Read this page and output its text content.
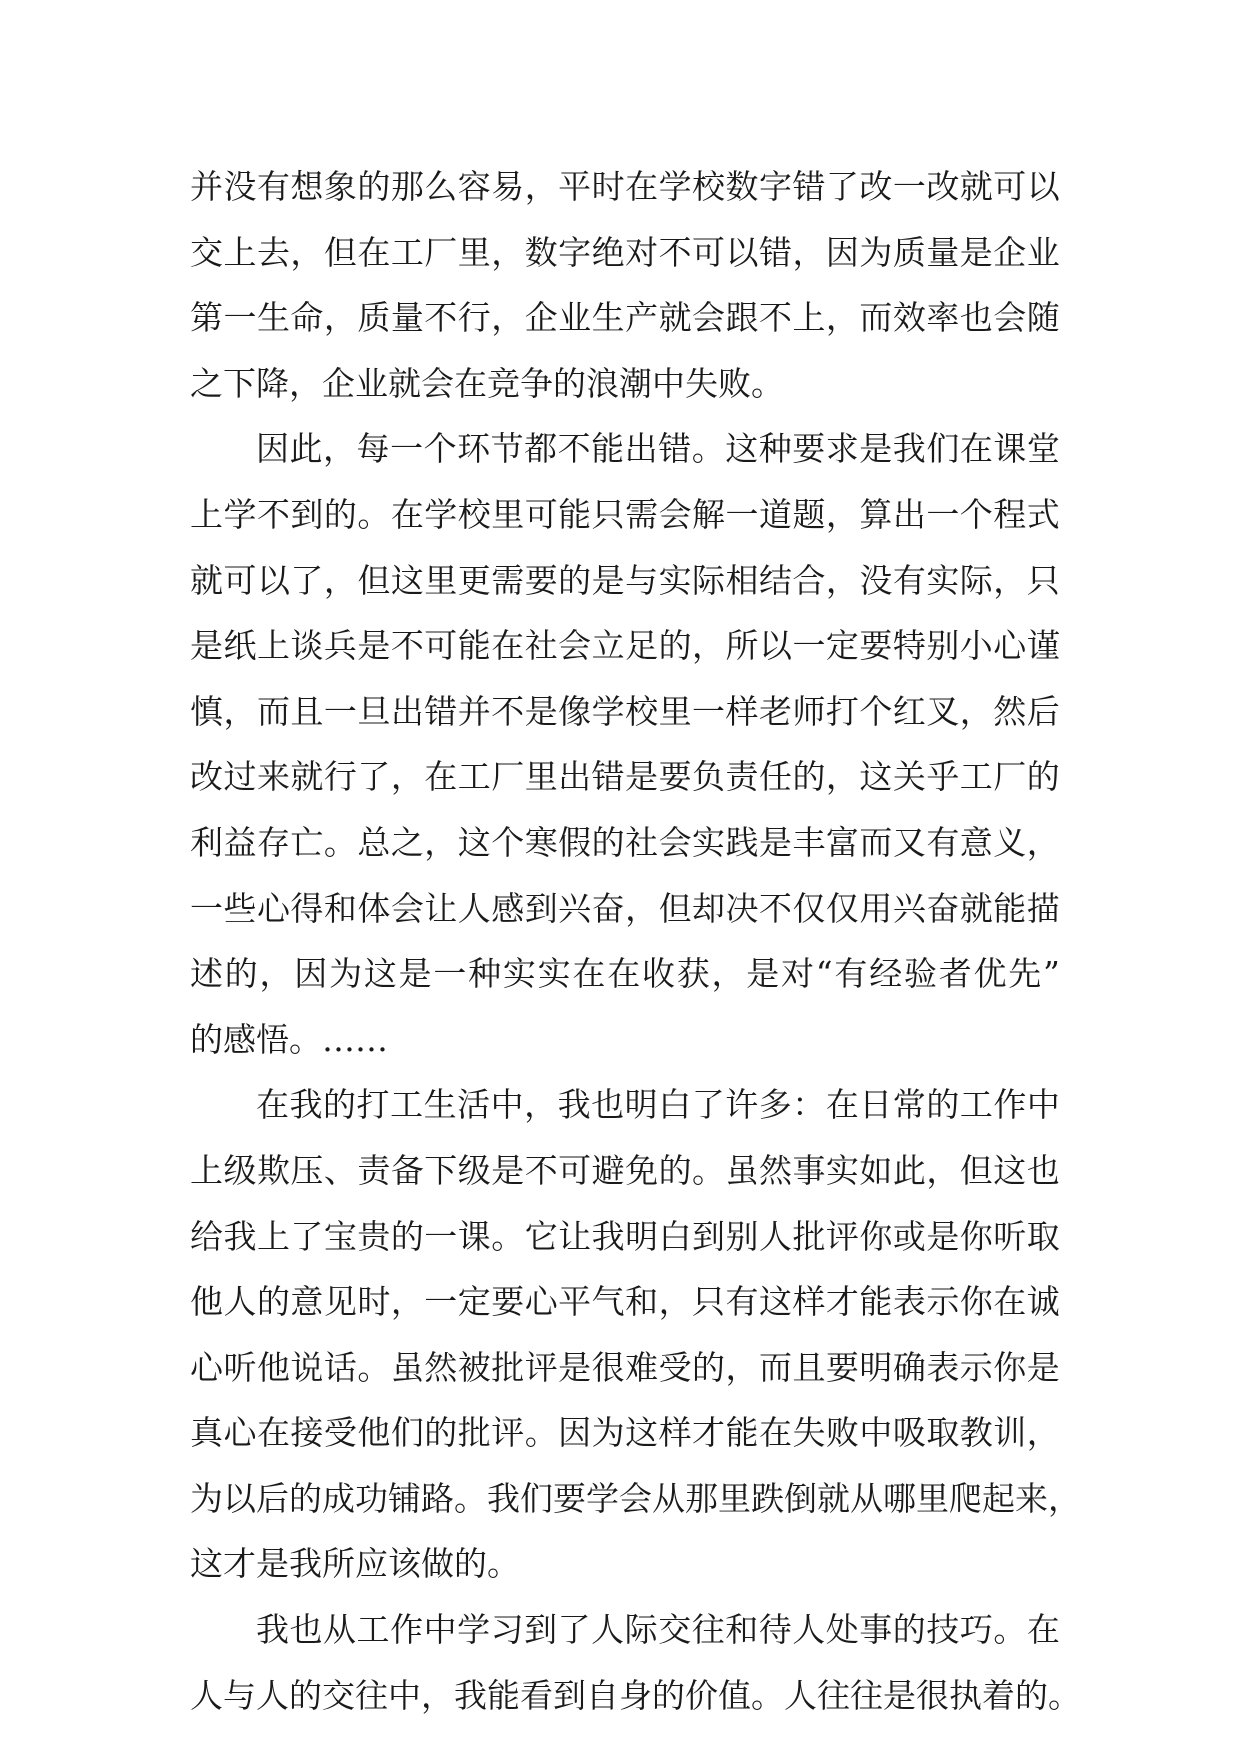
并 没 有 想 象 的 那 么 容 易 ， 平 时 在 学 校 数 字 错 了 改 一 改 就 可 以
交 上 去 ， 但 在 工 厂 里 ， 数 字 绝 对 不 可 以 错 ， 因 为 质 量 是 企 业
第 一 生 命 ， 质 量 不 行 ， 企 业 生 产 就 会 跟 不 上 ， 而 效 率 也 会 随
之下降，企业就会在竞争的浪潮中失败。
因 此 ， 每 一 个 环 节 都 不 能 出 错 。 这 种 要 求 是 我 们 在 课 堂
上 学 不 到 的 。 在 学 校 里 可 能 只 需 会 解 一 道 题 ， 算 出 一 个 程 式
就 可 以 了 ， 但 这 里 更 需 要 的 是 与 实 际 相 结 合 ， 没 有 实 际 ， 只
是 纸 上 谈 兵 是 不 可 能 在 社 会 立 足 的 ， 所 以 一 定 要 特 别 小 心 谨
慎 ， 而 且 一 旦 出 错 并 不 是 像 学 校 里 一 样 老 师 打 个 红 叉 ， 然 后
改 过 来 就 行 了 ， 在 工 厂 里 出 错 是 要 负 责 任 的 ， 这 关 乎 工 厂 的
利 益 存 亡 。 总 之 ， 这 个 寒 假 的 社 会 实 践 是 丰 富 而 又 有 意 义 ，
一 些 心 得 和 体 会 让 人 感 到 兴 奋 ， 但 却 决 不 仅 仅 用 兴 奋 就 能 描
述 的 ， 因 为 这 是 一 种 实 实 在 在 收 获 ， 是 对 “ 有 经 验 者 优 先 ”
的感悟。……
在 我 的 打 工 生 活 中 ， 我 也 明 白 了 许 多 ： 在 日 常 的 工 作 中
上 级 欺 压 、 责 备 下 级 是 不 可 避 免 的 。 虽 然 事 实 如 此 ， 但 这 也
给 我 上 了 宝 贵 的 一 课 。 它 让 我 明 白 到 别 人 批 评 你 或 是 你 听 取
他 人 的 意 见 时 ， 一 定 要 心 平 气 和 ， 只 有 这 样 才 能 表 示 你 在 诚
心 听 他 说 话 。 虽 然 被 批 评 是 很 难 受 的 ， 而 且 要 明 确 表 示 你 是
真 心 在 接 受 他 们 的 批 评 。 因 为 这 样 才 能 在 失 败 中 吸 取 教 训 ，
为 以 后 的 成 功 铺 路 。 我 们 要 学 会 从 那 里 跌 倒 就 从 哪 里 爬 起 来 ，
这才是我所应该做的。
我 也 从 工 作 中 学 习 到 了 人 际 交 往 和 待 人 处 事 的 技 巧 。 在
人 与 人 的 交 往 中 ， 我 能 看 到 自 身 的 价 值 。 人 往 往 是 很 执 着 的 。
